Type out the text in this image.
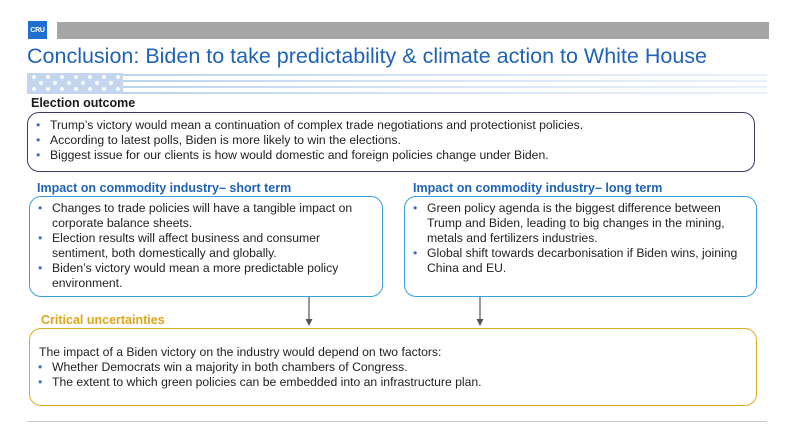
CRU
Conclusion: Biden to take predictability & climate action to White House
Election outcome
• Trump’s victory would mean a continuation of complex trade negotiations and protectionist policies.
• According to latest polls, Biden is more likely to win the elections.
• Biggest issue for our clients is how would domestic and foreign policies change under Biden.
Impact on commodity industry– short term
• Changes to trade policies will have a tangible impact on corporate balance sheets.
• Election results will affect business and consumer sentiment, both domestically and globally.
• Biden’s victory would mean a more predictable policy environment.
Impact on commodity industry– long term
• Green policy agenda is the biggest difference between Trump and Biden, leading to big changes in the mining, metals and fertilizers industries.
• Global shift towards decarbonisation if Biden wins, joining China and EU.
Critical uncertainties

The impact of a Biden victory on the industry would depend on two factors:

• Whether Democrats win a majority in both chambers of Congress.
• The extent to which green policies can be embedded into an infrastructure plan.
